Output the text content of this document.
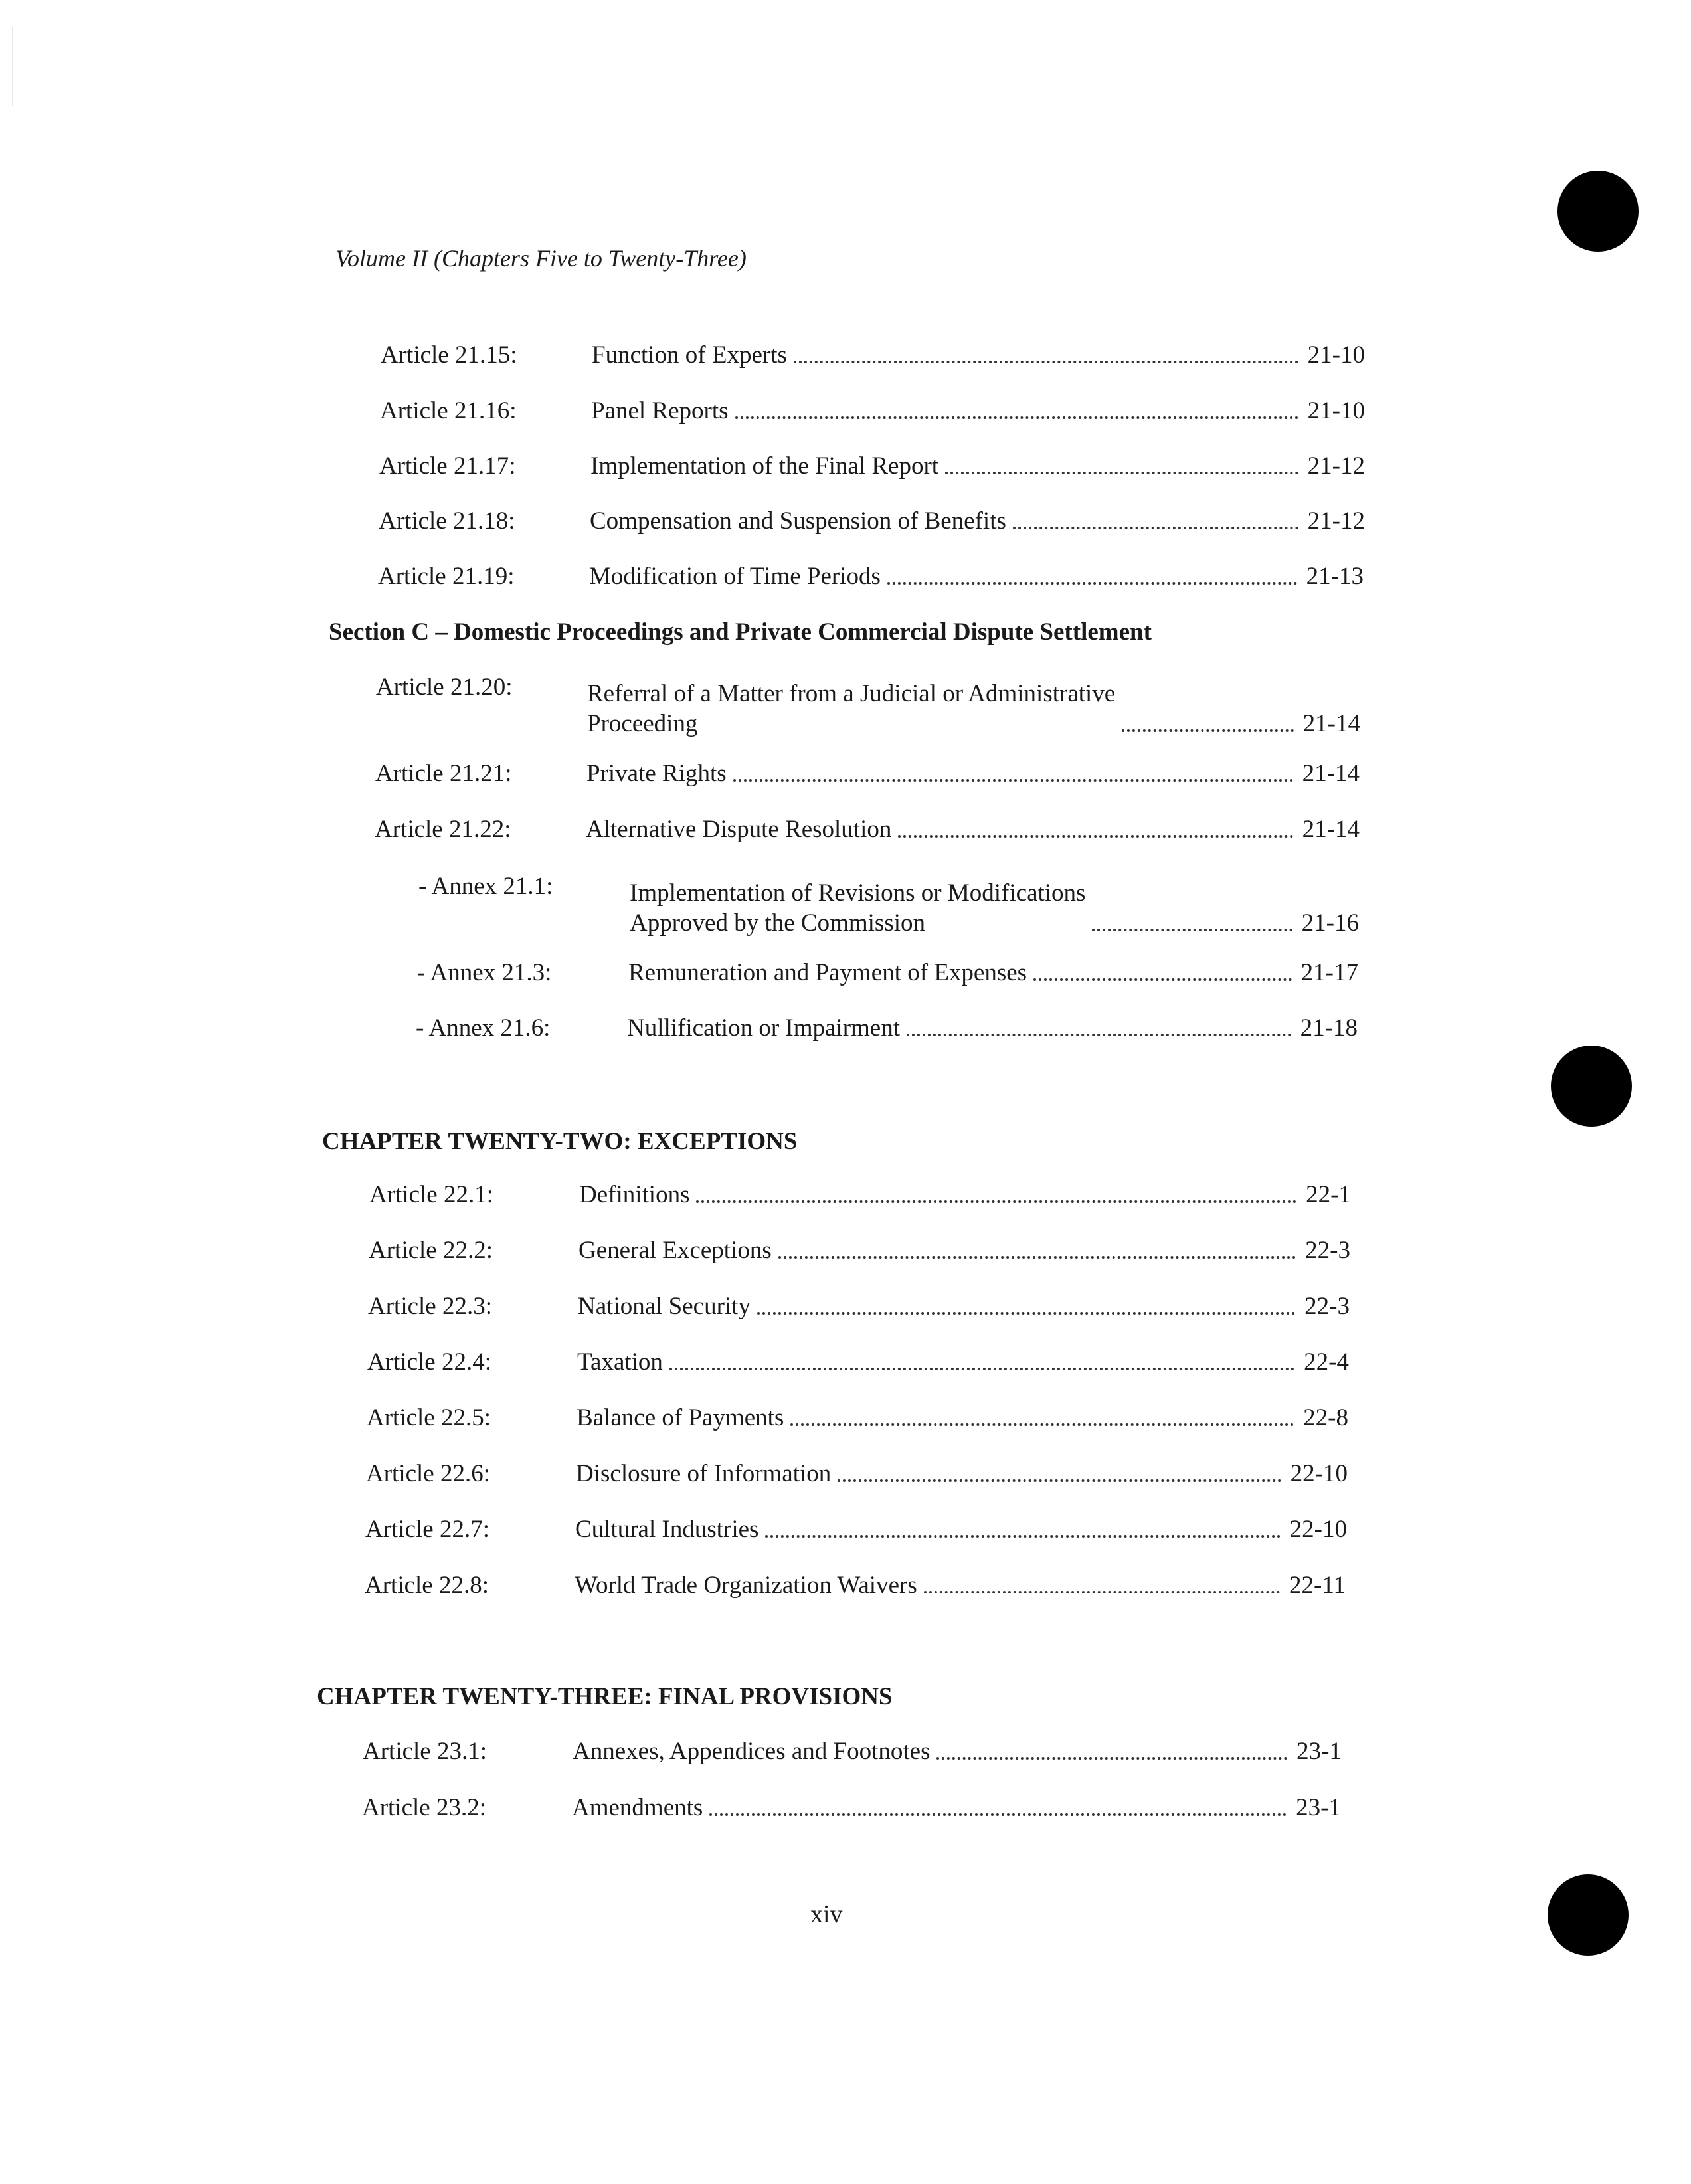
Volume II (Chapters Five to Twenty-Three)
Article 21.15:	Function of Experts	21-10
Article 21.16:	Panel Reports	21-10
Article 21.17:	Implementation of the Final Report	21-12
Article 21.18:	Compensation and Suspension of Benefits	21-12
Article 21.19:	Modification of Time Periods	21-13
Section C – Domestic Proceedings and Private Commercial Dispute Settlement
Article 21.20:	Referral of a Matter from a Judicial or Administrative
Proceeding	21-14
Article 21.21:	Private Rights	21-14
Article 21.22:	Alternative Dispute Resolution	21-14
- Annex 21.1:	Implementation of Revisions or Modifications
Approved by the Commission	21-16
- Annex 21.3:	Remuneration and Payment of Expenses	21-17
- Annex 21.6:	Nullification or Impairment	21-18
CHAPTER TWENTY-TWO: EXCEPTIONS
Article 22.1:	Definitions	22-1
Article 22.2:	General Exceptions	22-3
Article 22.3:	National Security	22-3
Article 22.4:	Taxation	22-4
Article 22.5:	Balance of Payments	22-8
Article 22.6:	Disclosure of Information	22-10
Article 22.7:	Cultural Industries	22-10
Article 22.8:	World Trade Organization Waivers	22-11
CHAPTER TWENTY-THREE: FINAL PROVISIONS
Article 23.1:	Annexes, Appendices and Footnotes	23-1
Article 23.2:	Amendments	23-1
xiv
